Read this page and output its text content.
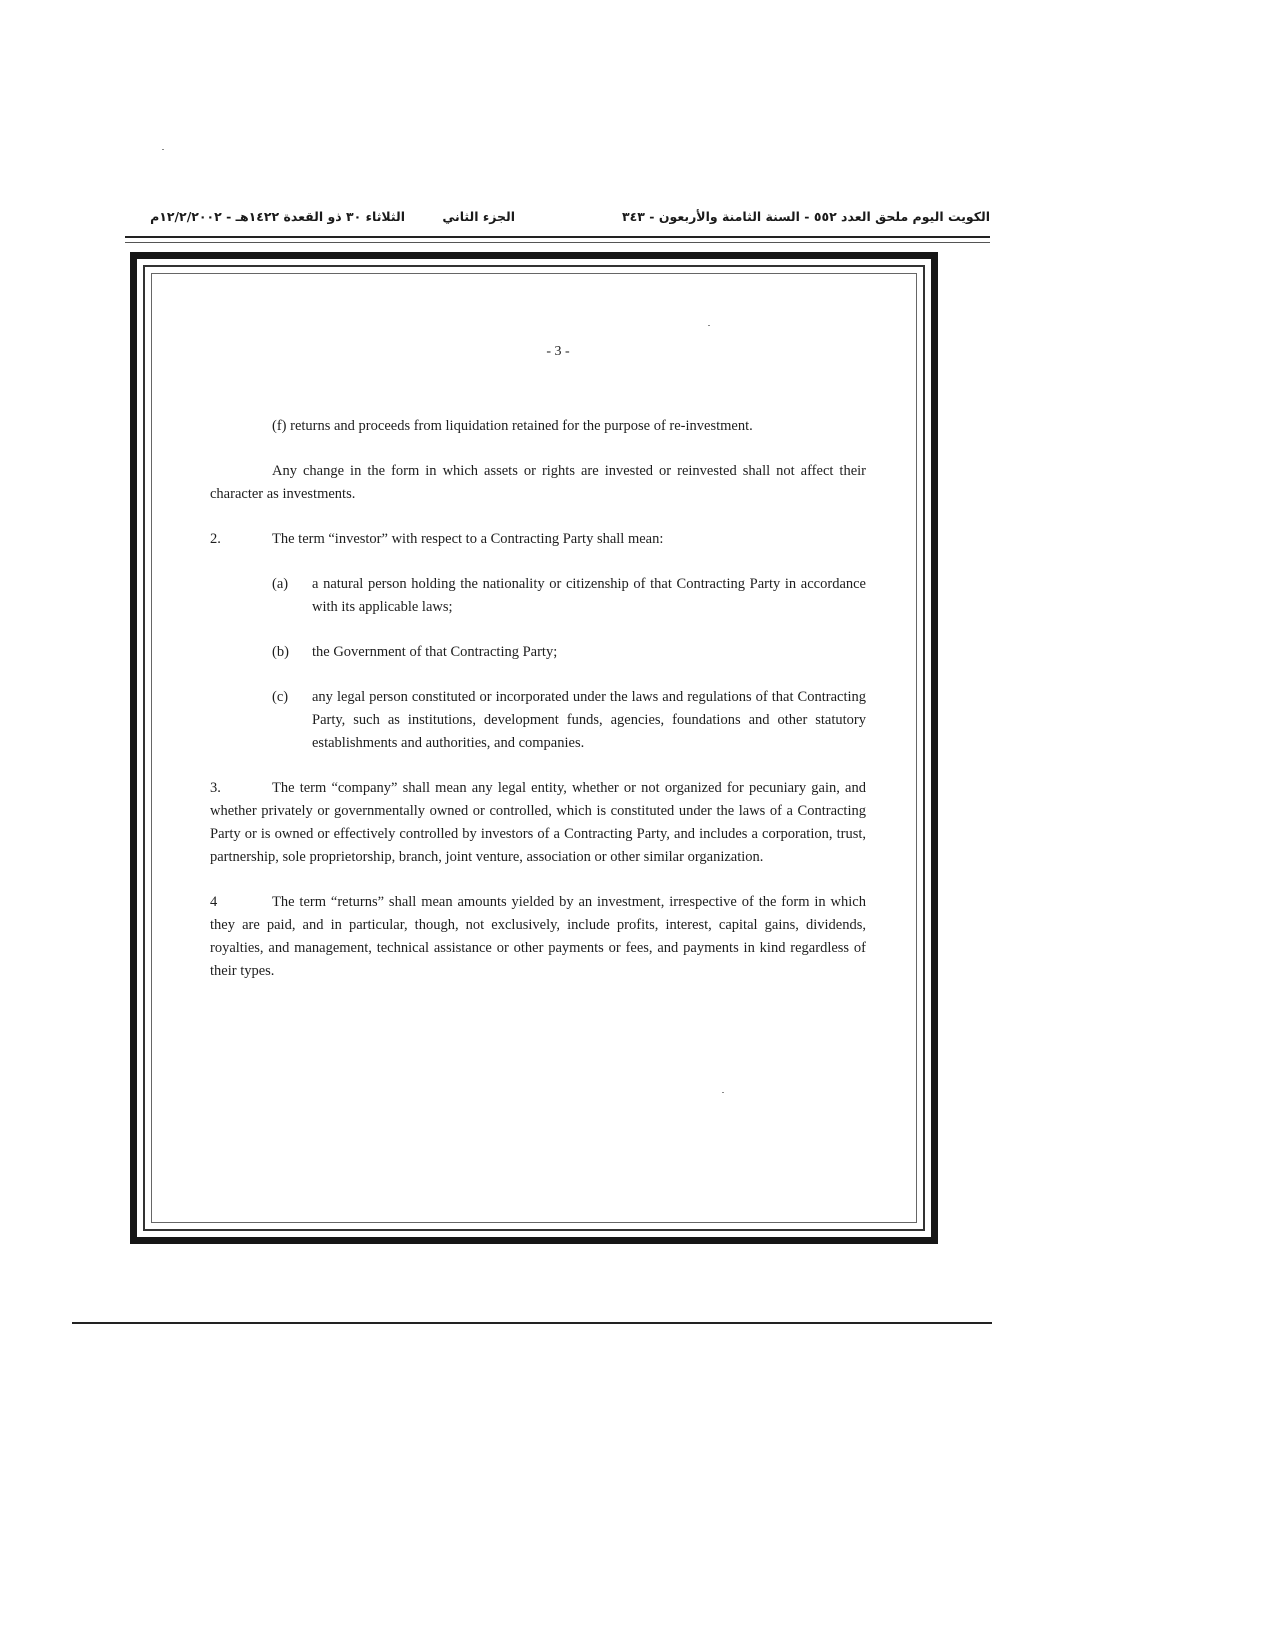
الكويت اليوم ملحق العدد ٥٥٢ - السنة الثامنة والأربعون - ٣٤٣
الجزء الثاني
الثلاثاء ٣٠ ذو القعدة ١٤٢٢هـ - ١٢/٢/٢٠٠٢م
- 3 -

(f) returns and proceeds from liquidation retained for the purpose of re-investment.

Any change in the form in which assets or rights are invested or reinvested shall not affect their character as investments.

2.	The term “investor” with respect to a Contracting Party shall mean:
(a)	a natural person holding the nationality or citizenship of that Contracting Party in accordance with its applicable laws;
(b)	the Government of that Contracting Party;
(c)	any legal person constituted or incorporated under the laws and regulations of that Contracting Party, such as institutions, development funds, agencies, foundations and other statutory establishments and authorities, and companies.

3.	The term “company” shall mean any legal entity, whether or not organized for pecuniary gain, and whether privately or governmentally owned or controlled, which is constituted under the laws of a Contracting Party or is owned or effectively controlled by investors of a Contracting Party, and includes a corporation, trust, partnership, sole proprietorship, branch, joint venture, association or other similar organization.

4	The term “returns” shall mean amounts yielded by an investment, irrespective of the form in which they are paid, and in particular, though, not exclusively, include profits, interest, capital gains, dividends, royalties, and management, technical assistance or other payments or fees, and payments in kind regardless of their types.
